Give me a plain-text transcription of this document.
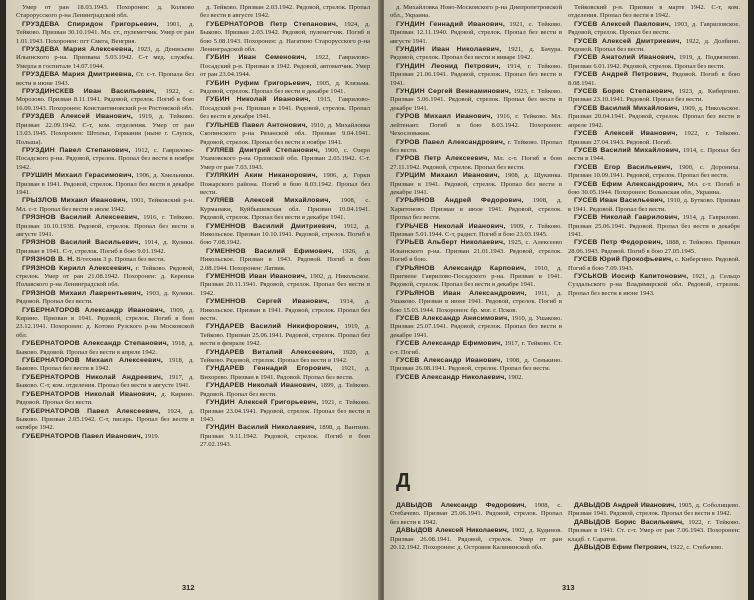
Умер от ран 18.03.1943. Похоронен: д. Колково Старорусского р-на Ленинградской обл.

ГРУЗДЕВА Спиридон Григорьевич, 1901, д. Тейково. Призван 30.10.1941. Мл. ст., пулеметчик. Умер от ран 1.01.1943. Похоронен: пгт Смега, Венгрия.

ГРУЗДЕВА Мария Алексеевна, 1923, д. Денисьево Ильинского р-на. Призвана 5.03.1942. С-т мед. службы. Умерла в госпитале 14.07.1944.

ГРУЗДЕВА Мария Дмитриевна, Ст. с-т. Пропала без вести в июне 1943.

ГРУЗДИНСКЕВ Иван Васильевич, 1922, с. Морозово. Призван 8.11.1941. Рядовой, стрелок. Погиб в бою 16.09.1943. Похоронен: Константиновский р-н Ростовской обл.

ГРУЗДЕВ Алексей Иванович, 1919, д. Тейково. Призван 22.09.1942. С-т, ком. отделения. Умер от ран 13.03.1945. Похоронен: Штольп, Германия (ныне г. Слупск, Польша).

ГРУЗДИН Павел Степанович, 1912, с. Гаврилово-Посадского р-на. Рядовой, стрелок. Пропал без вести в ноябре 1942.

ГРУШИН Михаил Герасимович, 1906, д. Хмельники. Призван в 1941. Рядовой, стрелок. Пропал без вести в декабре 1941.

ГРЫЗЛОВ Михаил Иванович, 1901, Тейковский р-н. Мл. с-т. Пропал без вести в июле 1942.

ГРЯЗНОВ Василий Алексеевич, 1916, г. Тейково. Призван 10.10.1938. Рядовой, стрелок. Пропал без вести в августе 1941.

ГРЯЗНОВ Василий Васильевич, 1914, д. Кулики. Призван в 1941. С-т, стрелок. Погиб в бою 9.01.1942.

ГРЯЗНОВ В. Н. В/техник 3 р. Пропал без вести.

ГРЯЗНОВ Кирилл Алексеевич, г. Тейково. Рядовой, стрелок. Умер от ран 21.08.1942. Похоронен: д. Керенки Полавского р-на Ленинградской обл.

ГРЯЗНОВ Михаил Лаврентьевич, 1903, д. Кулики. Рядовой. Пропал без вести.

ГУБЕРНАТОРОВ Александр Иванович, 1909, д. Кирино. Призван в 1941. Рядовой, стрелок. Погиб в бою 23.12.1941. Похоронен: д. Котово Рузского р-на Московской обл.

ГУБЕРНАТОРОВ Александр Степанович, 1918, д. Быково. Рядовой. Пропал без вести в апреле 1942.

ГУБЕРНАТОРОВ Михаил Алексеевич, 1918, д. Быково. Пропал без вести в 1942.

ГУБЕРНАТОРОВ Николай Андреевич, 1917, д. Быково. С-т, ком. отделения. Пропал без вести в августе 1941.

ГУБЕРНАТОРОВ Николай Иванович, д. Кирино. Рядовой. Пропал без вести.

ГУБЕРНАТОРОВ Павел Алексеевич, 1924, д. Быково. Призван 2.05.1942. С-т, писарь. Пропал без вести в октябре 1942.

ГУБЕРНАТОРОВ Павел Иванович, 1919.

д. Тейково. Призван 2.03.1942. Рядовой, стрелок. Пропал без вести в августе 1942.

ГУБЕРНАТОРОВ Петр Степанович, 1924, д. Быково. Призван 2.03.1942. Рядовой, пулеметчик. Погиб в бою 5.08.1943. Похоронен: д. Нагатино Старорусского р-на Ленинградской обл.

ГУБИН Иван Семенович, 1922, Гаврилово-Посадский р-н. Призван в 1942. Рядовой, автоматчик. Умер от ран 23.04.1944.

ГУБИН Руфим Григорьевич, 1905, д. Клязьма. Рядовой, стрелок. Пропал без вести в декабре 1941.

ГУБИН Николай Иванович, 1915, Гаврилово-Посадский р-н. Призван в 1941. Рядовой, стрелок. Пропал без вести в декабре 1941.

ГУЛЬНЕВ Павел Антонович, 1910, д. Михайловка Скопинского р-на Рязанской обл. Призван 9.04.1941. Рядовой, стрелок. Пропал без вести в ноябре 1941.

ГУЛЯЕВ Дмитрий Степанович, 1900, с. Озеро Ухамовского р-на Орловской обл. Призван 2.03.1942. С-т. Умер от ран 7.03.1943.

ГУЛЯКИН Аким Никанорович, 1906, д. Горки Пожарского района. Погиб в бою 8.03.1942. Пропал без вести.

ГУЛЯЕВ Алексей Михайлович, 1908, с. Курманаки, Куйбышевская обл. Призван 10.04.1941. Рядовой, стрелок. Пропал без вести в декабре 1941.

ГУМЕННОВ Василий Дмитриевич, 1912, д. Никольское. Призван 10.10.1941. Рядовой, стрелок. Погиб в бою 7.08.1942.

ГУМЕННОВ Василий Ефимович, 1926, д. Никольское. Призван в 1943. Рядовой. Погиб в бою 2.08.1944. Похоронен: Латвия.

ГУМЕННОВ Иван Иванович, 1902, д. Никольское. Призван 20.11.1941. Рядовой, стрелок. Пропал без вести в 1942.

ГУМЕННОВ Сергей Иванович, 1914, д. Никольское. Призван в 1941. Рядовой, стрелок. Пропал без вести.

ГУНДАРЕВ Василий Никифорович, 1919, д. Тейково. Призван 25.06.1941. Рядовой, стрелок. Пропал без вести в феврале 1942.

ГУНДАРЕВ Виталий Алексеевич, 1920, д. Тейково. Рядовой, стрелок. Пропал без вести в 1942.

ГУНДАРЕВ Геннадий Егорович, 1921, д. Вихорево. Призван в 1941. Рядовой. Пропал без вести.

ГУНДАРЕВ Николай Иванович, 1899, д. Тейково. Рядовой. Пропал без вести.

ГУНДИН Алексей Григорьевич, 1921, г. Тейково. Призван 23.04.1941. Рядовой, стрелок. Пропал без вести в 1943.

ГУНДИН Василий Николаевич, 1898, д. Вантино. Призван 9.11.1942. Рядовой, стрелок. Погиб в бою 27.02.1943.

312

д. Михайловка Ново-Московского р-на Днепропетровской обл., Украина.

ГУНДИН Геннадий Иванович, 1921, с. Тейково. Призван 12.11.1940. Рядовой, стрелок. Пропал без вести в августе 1941.

ГУНДИН Иван Николаевич, 1921, д. Бачура. Рядовой, стрелок. Пропал без вести в январе 1942.

ГУНДИН Леонид Петрович, 1914, г. Тейково. Призван 21.06.1941. Рядовой, стрелок. Пропал без вести в 1941.

ГУНДИН Сергей Вениаминович, 1923, г. Тейково. Призван 5.06.1941. Рядовой, стрелок. Пропал без вести в декабре 1941.

ГУРОВ Михаил Иванович, 1916, г. Тейково. Мл. лейтенант. Погиб в бою 8.03.1942. Похоронен: Чехословакия.

ГУРОВ Павел Александрович, г. Тейково. Пропал без вести.

ГУРОВ Петр Алексеевич, Мл. с-т. Погиб в бою 27.11.1942. Рядовой, стрелок. Пропал без вести.

ГУРЦИМ Михаил Иванович, 1908, д. Щукинка. Призван в 1941. Рядовой, стрелок. Пропал без вести в декабре 1941.

ГУРЬЯНОВ Андрей Федорович, 1908, д. Харитоново. Призван в июле 1941. Рядовой, стрелок. Пропал без вести.

ГУРЬЧЕВ Николай Иванович, 1909, г. Тейково. Призван 5.01.1944. С-т, радист. Погиб в бою 23.03.1945.

ГУРЬЕВ Альберт Николаевич, 1925, с. Алексеево Ильинского р-на. Призван 21.01.1943. Рядовой, стрелок. Погиб в бою.

ГУРЬЯНОВ Александр Карпович, 1910, д. Пригвене Гаврилово-Посадского р-на. Призван в 1941. Рядовой, стрелок. Пропал без вести в декабре 1941.

ГУРЬЯНОВ Иван Александрович, 1911, д. Ушаково. Призван в июне 1941. Рядовой, стрелок. Погиб в бою 15.03.1944. Похоронен: бр. мог. г. Псков.

ГУСЕВ Александр Анисимович, 1910, д. Ушаково. Призван 25.07.1941. Рядовой, стрелок. Пропал без вести в декабре 1941.

ГУСЕВ Александр Ефимович, 1917, г. Тейково. Ст. с-т. Погиб.

ГУСЕВ Александр Иванович, 1908, д. Сенькино. Призван 26.08.1941. Рядовой, стрелок. Пропал без вести.

ГУСЕВ Александр Николаевич, 1902.

Тейковский р-н. Призван в марте 1942. С-т, ком. отделения. Пропал без вести в 1942.

ГУСЕВ Алексей Павлович, 1903, д. Гавриловское. Рядовой, стрелок. Пропал без вести.

ГУСЕВ Алексей Дмитриевич, 1922, д. Долбино. Рядовой. Пропал без вести.

ГУСЕВ Анатолий Иванович, 1919, д. Подвязново. Призван 6.01.1942. Рядовой, стрелок. Пропал без вести.

ГУСЕВ Андрей Петрович, Рядовой. Погиб в бою 8.08.1941.

ГУСЕВ Борис Степанович, 1923, д. Кибергино. Призван 23.10.1941. Рядовой. Пропал без вести.

ГУСЕВ Василий Михайлович, 1909, д. Никольское. Призван 20.04.1941. Рядовой, стрелок. Пропал без вести в апреле 1942.

ГУСЕВ Алексей Иванович, 1922, г. Тейково. Призван 27.04.1943. Рядовой. Погиб.

ГУСЕВ Василий Михайлович, 1914, с. Пропал без вести в 1944.

ГУСЕВ Егор Васильевич, 1900, с. Дорониха. Призван 10.09.1941. Рядовой, стрелок. Пропал без вести.

ГУСЕВ Ефим Александрович, Мл. с-т. Погиб в бою 30.05.1944. Похоронен: Волынская обл., Украина.

ГУСЕВ Иван Васильевич, 1910, д. Бутково. Призван в 1941. Рядовой. Пропал без вести.

ГУСЕВ Николай Гаврилович, 1914, д. Гаврилово. Призван 25.06.1941. Рядовой. Пропал без вести в декабре 1941.

ГУСЕВ Петр Федорович, 1888, г. Тейково. Призван 28.06.1943. Рядовой. Погиб в бою 27.05.1945.

ГУСЕВ Юрий Прокофьевич, с. Кибергино. Рядовой. Погиб в бою 7.09.1943.

ГУСЬКОВ Иосиф Капитонович, 1921, д. Сельцо Суздальского р-на Владимирской обл. Рядовой, стрелок. Пропал без вести в июне 1943.

Д

ДАВЫДОВ Александр Федорович, 1908, с. Стебачево. Призван 25.06.1941. Рядовой, стрелок. Пропал без вести в 1942.

ДАВЫДОВ Алексей Николаевич, 1902, д. Кудинов. Призван 26.08.1941. Рядовой, стрелок. Умер от ран 20.12.1942. Похоронен: д. Островня Калининской обл.

ДАВЫДОВ Андрей Иванович, 1905, д. Соболищево. Призван 1941. Рядовой, стрелок. Пропал без вести в 1942.

ДАВЫДОВ Борис Васильевич, 1922, г. Тейково. Призван в 1941. Ст. с-т. Умер от ран 7.06.1943. Похоронен: кладб. г. Саратов.

ДАВЫДОВ Ефим Петрович, 1922, с. Стебачево.

313
